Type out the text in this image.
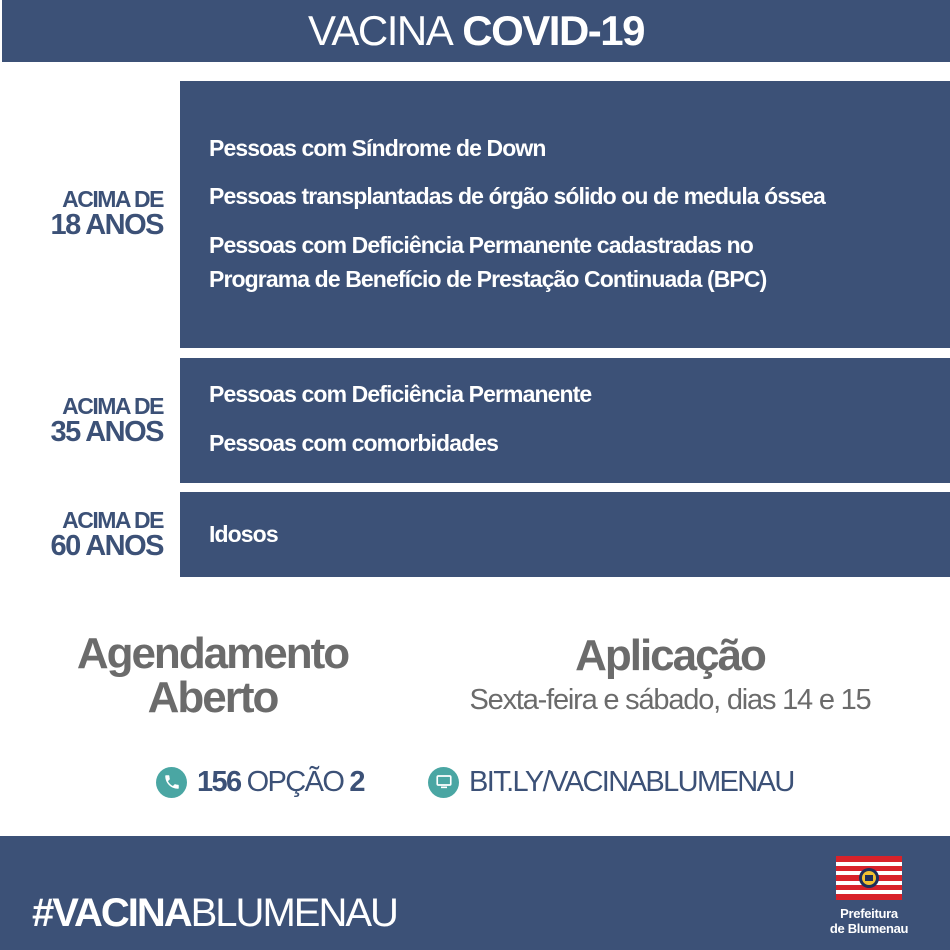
VACINA COVID-19
ACIMA DE
18 ANOS
Pessoas com Síndrome de Down
Pessoas transplantadas de órgão sólido ou de medula óssea
Pessoas com Deficiência Permanente cadastradas no
Programa de Benefício de Prestação Continuada (BPC)
ACIMA DE
35 ANOS
Pessoas com Deficiência Permanente
Pessoas com comorbidades
ACIMA DE
60 ANOS Idosos
Agendamento
Aberto
Aplicação
Sexta-feira e sábado, dias 14 e 15
156 OPÇÃO 2	BIT.LY/VACINABLUMENAU
#VACINABLUMENAU	Prefeitura
de Blumenau
